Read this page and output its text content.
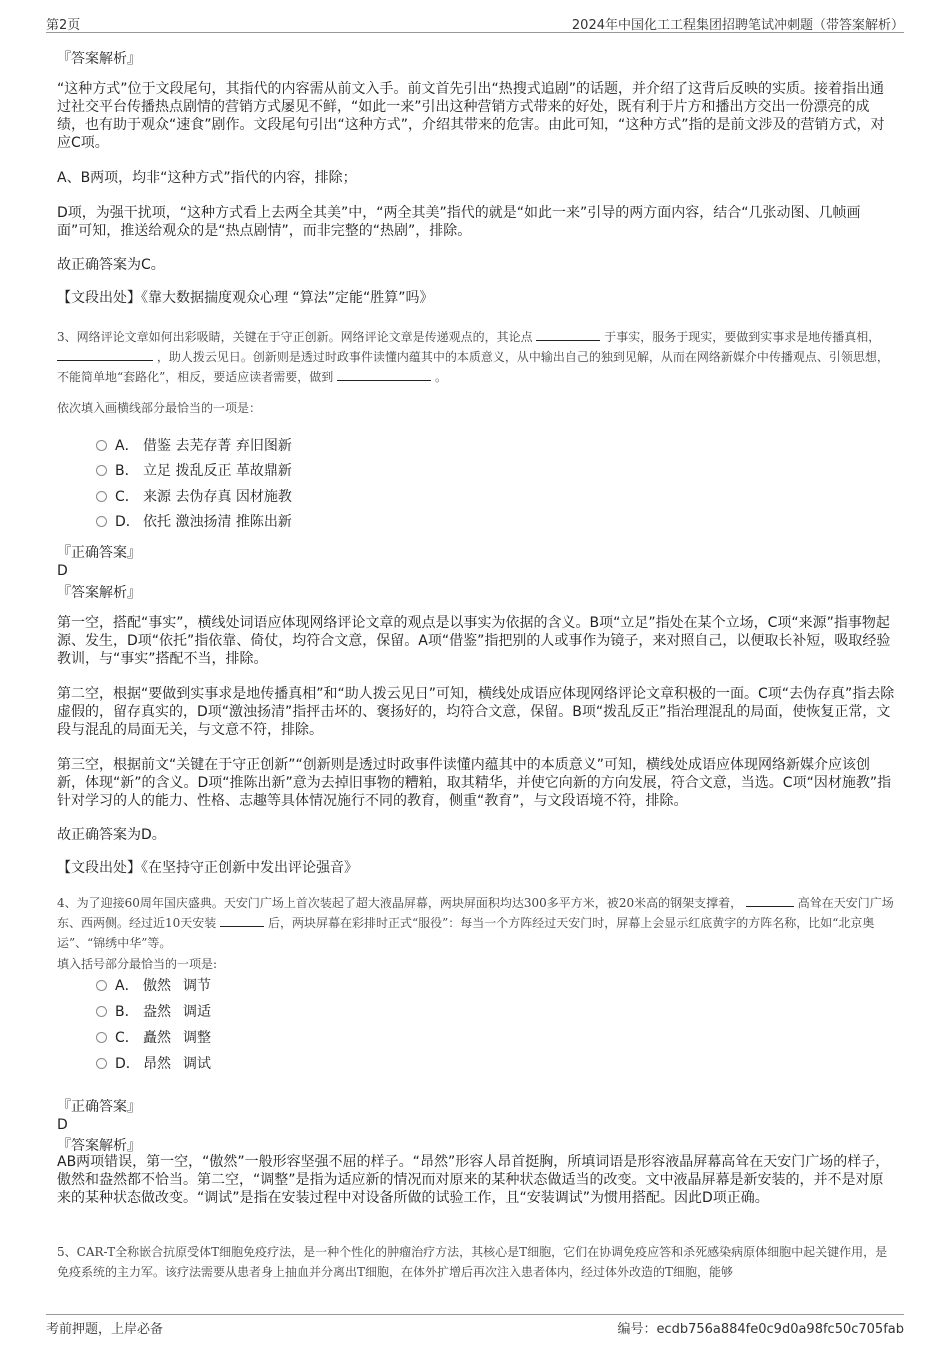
第2页	2024年中国化工工程集团招聘笔试冲刺题（带答案解析）
『答案解析』

“这种方式”位于文段尾句，其指代的内容需从前文入手。前文首先引出“热搜式追剧”的话题，并介绍了这背后反映的实质。接着指出通过社交平台传播热点剧情的营销方式屡见不鲜，“如此一来”引出这种营销方式带来的好处，既有利于片方和播出方交出一份漂亮的成绩，也有助于观众“速食”剧作。文段尾句引出“这种方式”，介绍其带来的危害。由此可知，“这种方式”指的是前文涉及的营销方式，对应C项。

A、B两项，均非“这种方式”指代的内容，排除；

D项，为强干扰项，“这种方式看上去两全其美”中，“两全其美”指代的就是“如此一来”引导的两方面内容，结合“几张动图、几帧画面”可知，推送给观众的是“热点剧情”，而非完整的“热剧”，排除。

故正确答案为C。

【文段出处】《靠大数据揣度观众心理 “算法”定能“胜算”吗》

3、网络评论文章如何出彩吸睛，关键在于守正创新。网络评论文章是传递观点的，其论点	于事实，服务于现实，要做到实事求是地传播真相，  ，助人拨云见日。创新则是透过时政事件读懂内蕴其中的本质意义，从中输出自己的独到见解，从而在网络新媒介中传播观点、引领思想，不能简单地“套路化”，相反，要适应读者需要，做到	。
依次填入画横线部分最恰当的一项是：
A． 借鉴 去芜存菁 弃旧图新
B． 立足 拨乱反正 革故鼎新
C． 来源 去伪存真 因材施教
D． 依托 激浊扬清 推陈出新
『正确答案』
D
『答案解析』

第一空，搭配“事实”，横线处词语应体现网络评论文章的观点是以事实为依据的含义。B项“立足”指处在某个立场，C项“来源”指事物起源、发生，D项“依托”指依靠、倚仗，均符合文意，保留。A项“借鉴”指把别的人或事作为镜子，来对照自己，以便取长补短，吸取经验教训，与“事实”搭配不当，排除。

第二空，根据“要做到实事求是地传播真相”和“助人拨云见日”可知，横线处成语应体现网络评论文章积极的一面。C项“去伪存真”指去除虚假的，留存真实的，D项“激浊扬清”指抨击坏的、褒扬好的，均符合文意，保留。B项“拨乱反正”指治理混乱的局面，使恢复正常，文段与混乱的局面无关，与文意不符，排除。

第三空，根据前文“关键在于守正创新”“创新则是透过时政事件读懂内蕴其中的本质意义”可知，横线处成语应体现网络新媒介应该创新，体现“新”的含义。D项“推陈出新”意为去掉旧事物的糟粕，取其精华，并使它向新的方向发展，符合文意，当选。C项“因材施教”指针对学习的人的能力、性格、志趣等具体情况施行不同的教育，侧重“教育”，与文段语境不符，排除。

故正确答案为D。

【文段出处】《在坚持守正创新中发出评论强音》

4、为了迎接60周年国庆盛典。天安门广场上首次装起了超大液晶屏幕，两块屏面积均达300多平方米，被20米高的钢架支撑着，	高耸在天安门广场东、西两侧。经过近10天安装	后，两块屏幕在彩排时正式“服役”：每当一个方阵经过天安门时，屏幕上会显示红底黄字的方阵名称，比如“北京奥运”、“锦绣中华”等。
填入括号部分最恰当的一项是:
A． 傲然 调节
B． 盎然 调适
C． 矗然 调整
D． 昂然 调试
『正确答案』
D
『答案解析』

AB两项错误，第一空，“傲然”一般形容坚强不屈的样子。“昂然”形容人昂首挺胸，所填词语是形容液晶屏幕高耸在天安门广场的样子，傲然和盎然都不恰当。第二空，“调整”是指为适应新的情况而对原来的某种状态做适当的改变。文中液晶屏幕是新安装的，并不是对原来的某种状态做改变。“调试”是指在安装过程中对设备所做的试验工作，且“安装调试”为惯用搭配。因此D项正确。

5、CAR-T全称嵌合抗原受体T细胞免疫疗法，是一种个性化的肿瘤治疗方法，其核心是T细胞，它们在协调免疫应答和杀死感染病原体细胞中起关键作用，是免疫系统的主力军。该疗法需要从患者身上抽血并分离出T细胞，在体外扩增后再次注入患者体内，经过体外改造的T细胞，能够
考前押题，上岸必备	编号：ecdb756a884fe0c9d0a98fc50c705fab
